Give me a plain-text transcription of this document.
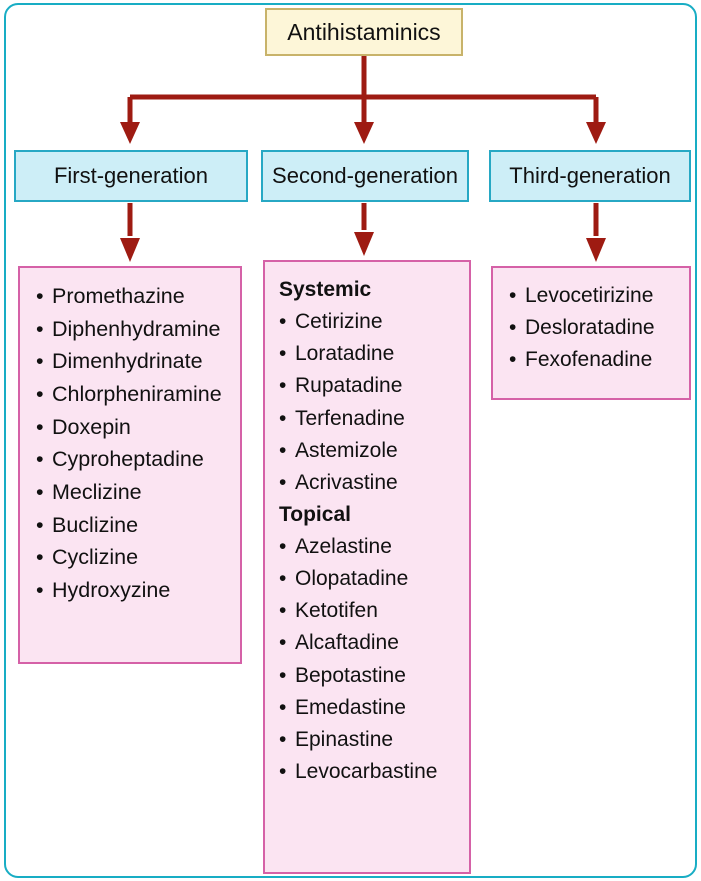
Antihistaminics
First-generation	Second-generation Third-generation
• Promethazine
• Diphenhydramine
• Dimenhydrinate
• Chlorpheniramine
• Doxepin
• Cyproheptadine
• Meclizine
• Buclizine
• Cyclizine
• Hydroxyzine
Systemic
• Cetirizine
• Loratadine
• Rupatadine
• Terfenadine
• Astemizole
• Acrivastine
Topical
• Azelastine
• Olopatadine
• Ketotifen
• Alcaftadine
• Bepotastine
• Emedastine
• Epinastine
• Levocarbastine
• Levocetirizine
• Desloratadine
• Fexofenadine
